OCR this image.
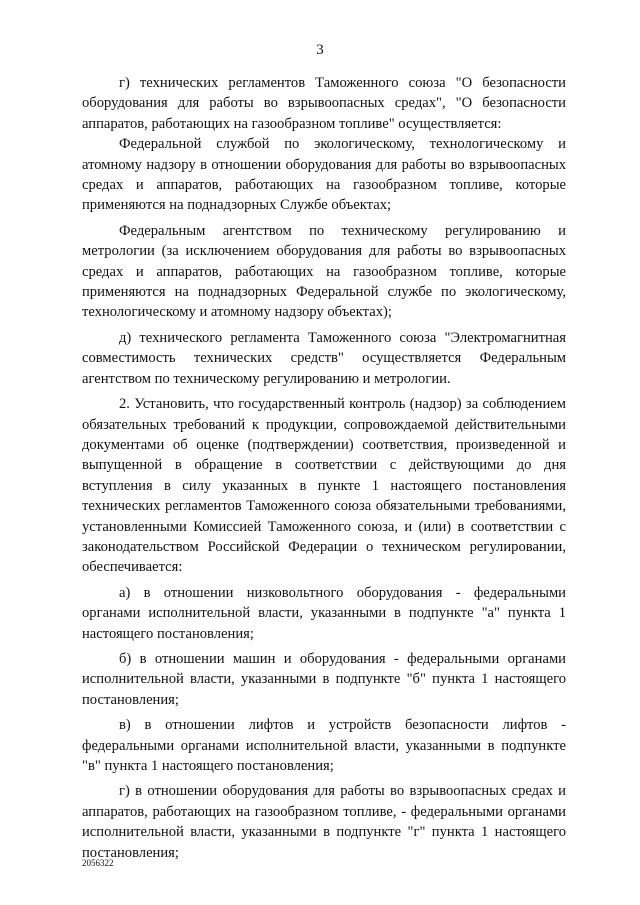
3

г) технических регламентов Таможенного союза "О безопасности оборудования для работы во взрывоопасных средах", "О безопасности аппаратов, работающих на газообразном топливе" осуществляется:

Федеральной службой по экологическому, технологическому и атомному надзору в отношении оборудования для работы во взрывоопасных средах и аппаратов, работающих на газообразном топливе, которые применяются на поднадзорных Службе объектах;

Федеральным агентством по техническому регулированию и метрологии (за исключением оборудования для работы во взрывоопасных средах и аппаратов, работающих на газообразном топливе, которые применяются на поднадзорных Федеральной службе по экологическому, технологическому и атомному надзору объектах);

д) технического регламента Таможенного союза "Электромагнитная совместимость технических средств" осуществляется Федеральным агентством по техническому регулированию и метрологии.

2. Установить, что государственный контроль (надзор) за соблюдением обязательных требований к продукции, сопровождаемой действительными документами об оценке (подтверждении) соответствия, произведенной и выпущенной в обращение в соответствии с действующими до дня вступления в силу указанных в пункте 1 настоящего постановления технических регламентов Таможенного союза обязательными требованиями, установленными Комиссией Таможенного союза, и (или) в соответствии с законодательством Российской Федерации о техническом регулировании, обеспечивается:

а) в отношении низковольтного оборудования - федеральными органами исполнительной власти, указанными в подпункте "а" пункта 1 настоящего постановления;

б) в отношении машин и оборудования - федеральными органами исполнительной власти, указанными в подпункте "б" пункта 1 настоящего постановления;

в) в отношении лифтов и устройств безопасности лифтов - федеральными органами исполнительной власти, указанными в подпункте "в" пункта 1 настоящего постановления;

г) в отношении оборудования для работы во взрывоопасных средах и аппаратов, работающих на газообразном топливе, - федеральными органами исполнительной власти, указанными в подпункте "г" пункта 1 настоящего постановления;

2056322
